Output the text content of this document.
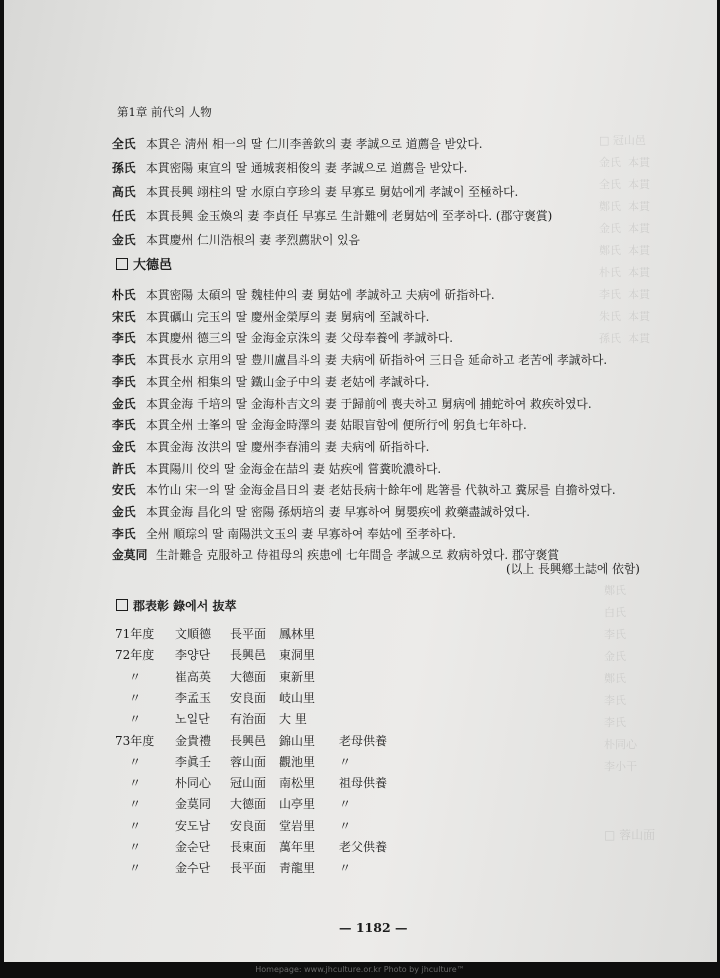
□ 冠山邑
金氏  本貫
全氏  本貫
鄭氏  本貫
金氏  本貫
鄭氏  本貫
朴氏  本貫
李氏  本貫
朱氏  本貫
孫氏  本貫
鄭氏
白氏
李氏
金氏
鄭氏
李氏
李氏
朴同心
李小干
□ 蓉山面
第1章 前代의 人物
全氏 本貫은 淸州 相一의 딸 仁川李善欽의 妻 孝誠으로 道薦을 받았다.
孫氏 本貫密陽 東宣의 딸 通城裵相俊의 妻 孝誠으로 道薦을 받았다.
高氏 本貫長興 翊柱의 딸 水原白亨珍의 妻 早寡로 舅姑에게 孝誠이 至極하다.
任氏 本貫長興 金玉煥의 妻 李貞任 早寡로 生計難에 老舅姑에 至孝하다. (郡守褒賞)
金氏 本貫慶州 仁川浩根의 妻 孝烈薦狀이 있음
大德邑
朴氏 本貫密陽 太碩의 딸 魏桂仲의 妻 舅姑에 孝誠하고 夫病에 斫指하다.
宋氏 本貫礪山 完玉의 딸 慶州金榮厚의 妻 舅病에 至誠하다.
李氏 本貫慶州 德三의 딸 金海金京洙의 妻 父母奉養에 孝誠하다.
李氏 本貫長水 京用의 딸 豊川盧昌斗의 妻 夫病에 斫指하여 三日을 延命하고 老苦에 孝誠하다.
李氏 本貫全州 相集의 딸 鐵山金子中의 妻 老姑에 孝誠하다.
金氏 本貫金海 千培의 딸 金海朴吉文의 妻 于歸前에 喪夫하고 舅病에 捕蛇하여 救疾하였다.
李氏 本貫全州 士峯의 딸 金海金時澤의 妻 姑眼盲함에 便所行에 躬負七年하다.
金氏 本貫金海 汝洪의 딸 慶州李春浦의 妻 夫病에 斫指하다.
許氏 本貫陽川 佼의 딸 金海金在喆의 妻 姑疾에 嘗糞吮濃하다.
安氏 本竹山 宋一의 딸 金海金昌日의 妻 老姑長病十餘年에 匙箸를 代執하고 糞尿를 自擔하였다.
金氏 本貫金海 昌化의 딸 密陽 孫炳培의 妻 早寡하여 舅嬰疾에 救藥盡誠하였다.
李氏 全州 順琮의 딸 南陽洪文玉의 妻 早寡하여 奉姑에 至孝하다.
金莫同 生計難을 克服하고 侍祖母의 疾患에 七年間을 孝誠으로 救病하였다. 郡守褒賞
(以上 長興鄕土誌에 依함)
郡表彰 錄에서 抜萃
71年度 文順德 長平面 鳳林里
72年度 李양단 長興邑 東洞里
〃	崔高英 大德面 東新里
〃	李孟玉 安良面 岐山里
〃	노일단 有治面 大 里
73年度 金貴禮 長興邑 錦山里 老母供養
〃	李眞壬 蓉山面 觀池里 〃
〃	朴同心 冠山面 南松里 祖母供養
〃	金莫同 大德面 山亭里 〃
〃	安도남 安良面 堂岩里 〃
〃	金순단 長東面 萬年里 老父供養
〃	金수단 長平面 靑龍里 〃
— 1182 —
Homepage: www.jhculture.or.kr Photo by jhculture™
